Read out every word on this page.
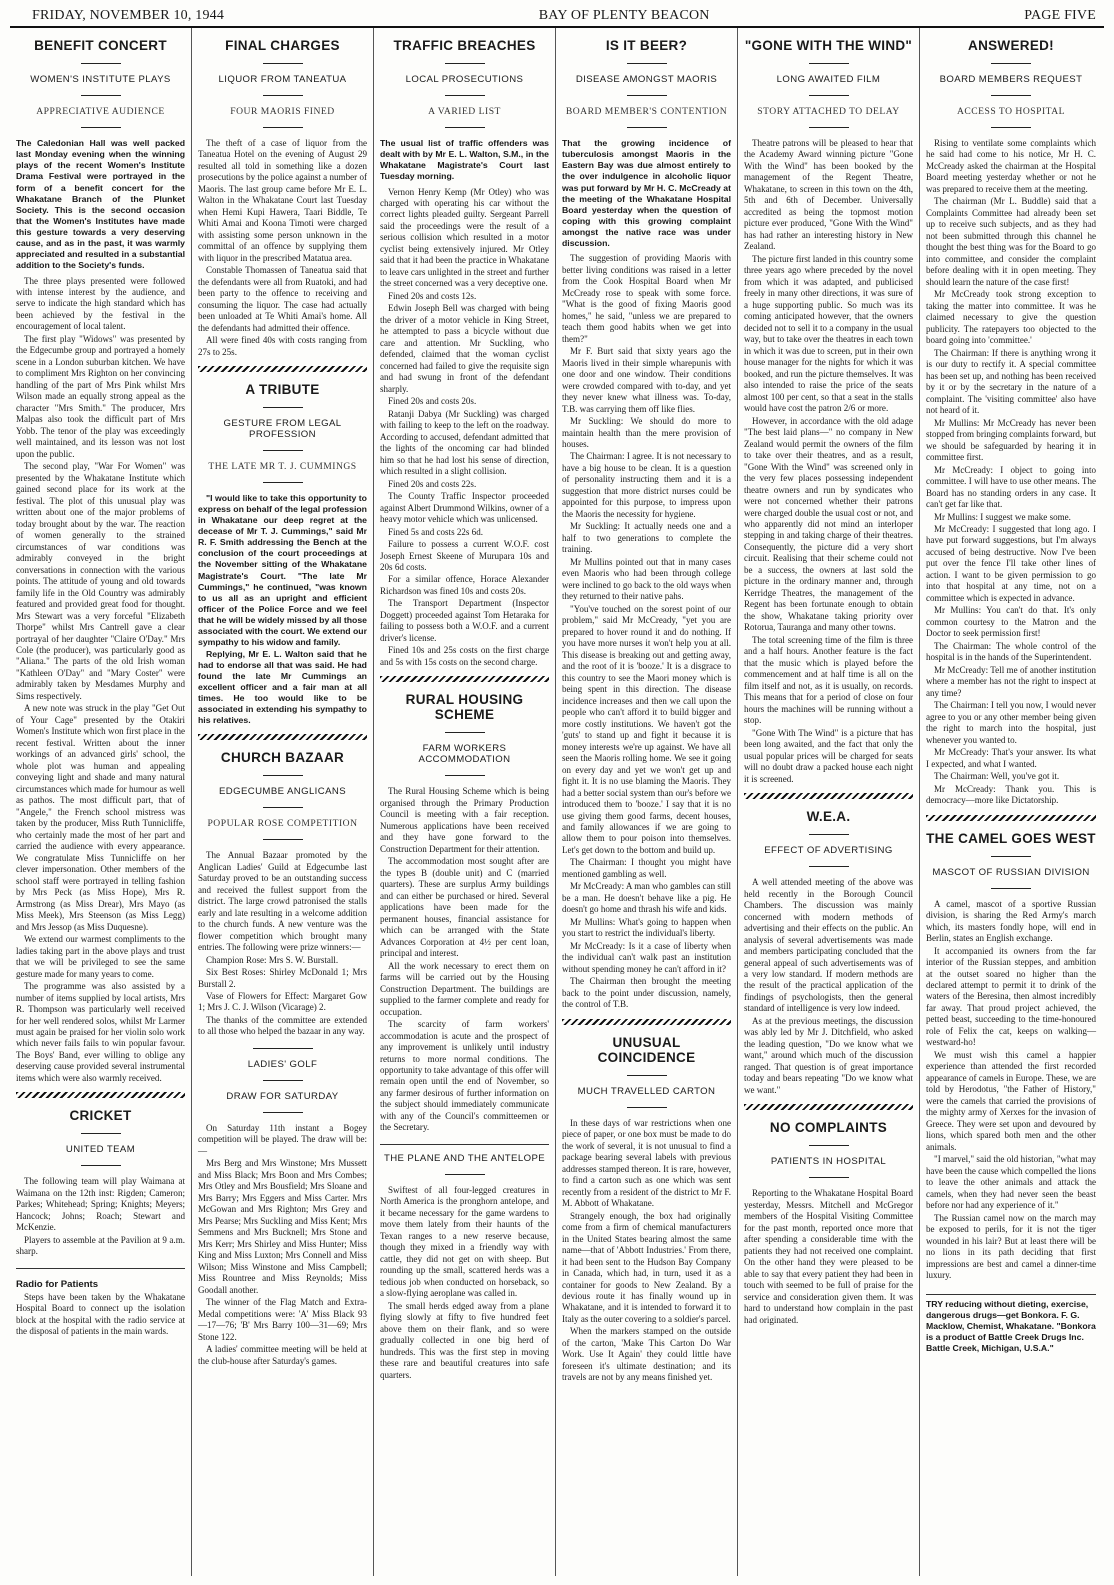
FRIDAY, NOVEMBER 10, 1944	BAY OF PLENTY BEACON	PAGE FIVE
BENEFIT CONCERT
WOMEN'S INSTITUTE PLAYS
APPRECIATIVE AUDIENCE
The Caledonian Hall was well packed last Monday evening when the winning plays of the recent Women's Institute Drama Festival were portrayed in the form of a benefit concert for the Whakatane Branch of the Plunket Society. This is the second occasion that the Women's Institutes have made this gesture towards a very deserving cause, and as in the past, it was warmly appreciated and resulted in a substantial addition to the Society's funds.

The three plays presented were followed with intense interest by the audience, and serve to indicate the high standard which has been achieved by the festival in the encouragement of local talent.

The first play "Widows" was presented by the Edgecumbe group and portrayed a homely scene in a London suburban kitchen. We have to compliment Mrs Righton on her convincing handling of the part of Mrs Pink whilst Mrs Wilson made an equally strong appeal as the character "Mrs Smith." The producer, Mrs Malpas also took the difficult part of Mrs Yobb. The tenor of the play was exceedingly well maintained, and its lesson was not lost upon the public.

The second play, "War For Women" was presented by the Whakatane Institute which gained second place for its work at the festival. The plot of this unusual play was written about one of the major problems of today brought about by the war. The reaction of women generally to the strained circumstances of war conditions was admirably conveyed in the bright conversations in connection with the various points. The attitude of young and old towards family life in the Old Country was admirably featured and provided great food for thought. Mrs Stewart was a very forceful "Elizabeth Thorpe" whilst Mrs Cantrell gave a clear portrayal of her daughter "Claire O'Day." Mrs Cole (the producer), was particularly good as "Aliana." The parts of the old Irish woman "Kathleen O'Day" and "Mary Coster" were admirably taken by Mesdames Murphy and Sims respectively.

A new note was struck in the play "Get Out of Your Cage" presented by the Otakiri Women's Institute which won first place in the recent festival. Written about the inner workings of an advanced girls' school, the whole plot was human and appealing conveying light and shade and many natural circumstances which made for humour as well as pathos. The most difficult part, that of "Angele," the French school mistress was taken by the producer, Miss Ruth Tunnicliffe, who certainly made the most of her part and carried the audience with every appearance. We congratulate Miss Tunnicliffe on her clever impersonation. Other members of the school staff were portrayed in telling fashion by Mrs Peck (as Miss Hope), Mrs R. Armstrong (as Miss Drear), Mrs Mayo (as Miss Meek), Mrs Steenson (as Miss Legg) and Mrs Jessop (as Miss Duquesne).

We extend our warmest compliments to the ladies taking part in the above plays and trust that we will be privileged to see the same gesture made for many years to come.

The programme was also assisted by a number of items supplied by local artists, Mrs R. Thompson was particularly well received for her well rendered solos, whilst Mr Larmer must again be praised for her violin solo work which never fails fails to win popular favour. The Boys' Band, ever willing to oblige any deserving cause provided several instrumental items which were also warmly received.

CRICKET
UNITED TEAM

The following team will play Waimana at Waimana on the 12th inst: Rigden; Cameron; Parkes; Whitehead; Spring; Knights; Meyers; Hancock; Johns; Roach; Stewart and McKenzie.

Players to assemble at the Pavilion at 9 a.m. sharp.

Radio for Patients

Steps have been taken by the Whakatane Hospital Board to connect up the isolation block at the hospital with the radio service at the disposal of patients in the main wards.

FINAL CHARGES
LIQUOR FROM TANEATUA
FOUR MAORIS FINED

The theft of a case of liquor from the Taneatua Hotel on the evening of August 29 resulted all told in something like a dozen prosecutions by the police against a number of Maoris. The last group came before Mr E. L. Walton in the Whakatane Court last Tuesday when Hemi Kupi Hawera, Taari Biddle, Te Whiti Amai and Koona Timoti were charged with assisting some person unknown in the committal of an offence by supplying them with liquor in the prescribed Matatua area.

Constable Thomassen of Taneatua said that the defendants were all from Ruatoki, and had been party to the offence to receiving and consuming the liquor. The case had actually been unloaded at Te Whiti Amai's home. All the defendants had admitted their offence.

All were fined 40s with costs ranging from 27s to 25s.

A TRIBUTE
GESTURE FROM LEGAL PROFESSION
THE LATE MR T. J. CUMMINGS

"I would like to take this opportunity to express on behalf of the legal profession in Whakatane our deep regret at the decease of Mr T. J. Cummings," said Mr R. F. Smith addressing the Bench at the conclusion of the court proceedings at the November sitting of the Whakatane Magistrate's Court. "The late Mr Cummings," he continued, "was known to us all as an upright and efficient officer of the Police Force and we feel that he will be widely missed by all those associated with the court. We extend our sympathy to his widow and family.

Replying, Mr E. L. Walton said that he had to endorse all that was said. He had found the late Mr Cummings an excellent officer and a fair man at all times. He too would like to be associated in extending his sympathy to his relatives.

CHURCH BAZAAR
EDGECUMBE ANGLICANS
POPULAR ROSE COMPETITION

The Annual Bazaar promoted by the Anglican Ladies' Guild at Edgecumbe last Saturday proved to be an outstanding success and received the fullest support from the district. The large crowd patronised the stalls early and late resulting in a welcome addition to the church funds. A new venture was the flower competition which brought many entries. The following were prize winners:—

Champion Rose: Mrs S. W. Burstall.

Six Best Roses: Shirley McDonald 1; Mrs Burstall 2.

Vase of Flowers for Effect: Margaret Gow 1; Mrs J. C. J. Wilson (Vicarage) 2.

The thanks of the committee are extended to all those who helped the bazaar in any way.

LADIES' GOLF
DRAW FOR SATURDAY

On Saturday 11th instant a Bogey competition will be played. The draw will be:—

Mrs Berg and Mrs Winstone; Mrs Mussett and Miss Black; Mrs Boon and Mrs Combes; Mrs Otley and Mrs Bousfield; Mrs Sloane and Mrs Barry; Mrs Eggers and Miss Carter. Mrs McGowan and Mrs Righton; Mrs Grey and Mrs Pearse; Mrs Suckling and Miss Kent; Mrs Semmens and Mrs Bucknell; Mrs Stone and Mrs Kerr; Mrs Shirley and Miss Hunter; Miss King and Miss Luxton; Mrs Connell and Miss Wilson; Miss Winstone and Miss Campbell; Miss Rountree and Miss Reynolds; Miss Goodall another.

The winner of the Flag Match and Extra-Medal competitions were: 'A' Miss Black 93—17—76; 'B' Mrs Barry 100—31—69; Mrs Stone 122.

A ladies' committee meeting will be held at the club-house after Saturday's games.

TRAFFIC BREACHES
LOCAL PROSECUTIONS
A VARIED LIST
The usual list of traffic offenders was dealt with by Mr E. L. Walton, S.M., in the Whakatane Magistrate's Court last Tuesday morning.

Vernon Henry Kemp (Mr Otley) who was charged with operating his car without the correct lights pleaded guilty. Sergeant Parrell said the proceedings were the result of a serious collision which resulted in a motor cyclist being extensively injured. Mr Otley said that it had been the practice in Whakatane to leave cars unlighted in the street and further the street concerned was a very deceptive one.

Fined 20s and costs 12s.

Edwin Joseph Bell was charged with being the driver of a motor vehicle in King Street, he attempted to pass a bicycle without due care and attention. Mr Suckling, who defended, claimed that the woman cyclist concerned had failed to give the requisite sign and had swung in front of the defendant sharply.

Fined 20s and costs 20s.

Ratanji Dabya (Mr Suckling) was charged with failing to keep to the left on the roadway. According to accused, defendant admitted that the lights of the oncoming car had blinded him so that he had lost his sense of direction, which resulted in a slight collision.

Fined 20s and costs 22s.

The County Traffic Inspector proceeded against Albert Drummond Wilkins, owner of a heavy motor vehicle which was unlicensed.

Fined 5s and costs 22s 6d.

Failure to possess a current W.O.F. cost Joseph Ernest Skeene of Murupara 10s and 20s 6d costs.

For a similar offence, Horace Alexander Richardson was fined 10s and costs 20s.

The Transport Department (Inspector Doggett) proceeded against Tom Hetaraka for failing to possess both a W.O.F. and a current driver's license.

Fined 10s and 25s costs on the first charge and 5s with 15s costs on the second charge.

RURAL HOUSING SCHEME
FARM WORKERS ACCOMMODATION

The Rural Housing Scheme which is being organised through the Primary Production Council is meeting with a fair reception. Numerous applications have been received and they have gone forward to the Construction Department for their attention.

The accommodation most sought after are the types B (double unit) and C (married quarters). These are surplus Army buildings and can either be purchased or hired. Several applications have been made for the permanent houses, financial assistance for which can be arranged with the State Advances Corporation at 4½ per cent loan, principal and interest.

All the work necessary to erect them on farms will be carried out by the Housing Construction Department. The buildings are supplied to the farmer complete and ready for occupation.

The scarcity of farm workers' accommodation is acute and the prospect of any improvement is unlikely until industry returns to more normal conditions. The opportunity to take advantage of this offer will remain open until the end of November, so any farmer desirous of further information on the subject should immediately communicate with any of the Council's committeemen or the Secretary.

THE PLANE AND THE ANTELOPE

Swiftest of all four-legged creatures in North America is the pronghorn antelope, and it became necessary for the game wardens to move them lately from their haunts of the Texan ranges to a new reserve because, though they mixed in a friendly way with cattle, they did not get on with sheep. But rounding up the small, scattered herds was a tedious job when conducted on horseback, so a slow-flying aeroplane was called in.

The small herds edged away from a plane flying slowly at fifty to five hundred feet above them on their flank, and so were gradually collected in one big herd of hundreds. This was the first step in moving these rare and beautiful creatures into safe quarters.

IS IT BEER?
DISEASE AMONGST MAORIS
BOARD MEMBER'S CONTENTION
That the growing incidence of tuberculosis amongst Maoris in the Eastern Bay was due almost entirely to the over indulgence in alcoholic liquor was put forward by Mr H. C. McCready at the meeting of the Whakatane Hospital Board yesterday when the question of coping with this growing complaint amongst the native race was under discussion.

The suggestion of providing Maoris with better living conditions was raised in a letter from the Cook Hospital Board when Mr McCready rose to speak with some force. "What is the good of fixing Maoris good homes," he said, "unless we are prepared to teach them good habits when we get into them?"

Mr F. Burt said that sixty years ago the Maoris lived in their simple wharepunis with one door and one window. Their conditions were crowded compared with to-day, and yet they never knew what illness was. To-day, T.B. was carrying them off like flies.

Mr Suckling: We should do more to maintain health than the mere provision of houses.

The Chairman: I agree. It is not necessary to have a big house to be clean. It is a question of personality instructing them and it is a suggestion that more district nurses could be appointed for this purpose, to impress upon the Maoris the necessity for hygiene.

Mr Suckling: It actually needs one and a half to two generations to complete the training.

Mr Mullins pointed out that in many cases even Maoris who had been through college were inclined to go back to the old ways when they returned to their native pahs.

"You've touched on the sorest point of our problem," said Mr McCready, "yet you are prepared to hover round it and do nothing. If you have more nurses it won't help you at all. This disease is breaking out and getting away, and the root of it is 'booze.' It is a disgrace to this country to see the Maori money which is being spent in this direction. The disease incidence increases and then we call upon the people who can't afford it to build bigger and more costly institutions. We haven't got the 'guts' to stand up and fight it because it is money interests we're up against. We have all seen the Maoris rolling home. We see it going on every day and yet we won't get up and fight it. It is no use blaming the Maoris. They had a better social system than our's before we introduced them to 'booze.' I say that it is no use giving them good farms, decent houses, and family allowances if we are going to allow them to pour poison into themselves. Let's get down to the bottom and build up.

The Chairman: I thought you might have mentioned gambling as well.

Mr McCready: A man who gambles can still be a man. He doesn't behave like a pig. He doesn't go home and thrash his wife and kids.

Mr Mullins: What's going to happen when you start to restrict the individual's liberty.

Mr McCready: Is it a case of liberty when the individual can't walk past an institution without spending money he can't afford in it?

The Chairman then brought the meeting back to the point under discussion, namely, the control of T.B.

UNUSUAL COINCIDENCE
MUCH TRAVELLED CARTON

In these days of war restrictions when one piece of paper, or one box must be made to do the work of several, it is not unusual to find a package bearing several labels with previous addresses stamped thereon. It is rare, however, to find a carton such as one which was sent recently from a resident of the district to Mr F. M. Abbott of Whakatane.

Strangely enough, the box had originally come from a firm of chemical manufacturers in the United States bearing almost the same name—that of 'Abbott Industries.' From there, it had been sent to the Hudson Bay Company in Canada, which had, in turn, used it as a container for goods to New Zealand. By a devious route it has finally wound up in Whakatane, and it is intended to forward it to Italy as the outer covering to a soldier's parcel.

When the markers stamped on the outside of the carton, 'Make This Carton Do War Work. Use It Again' they could little have foreseen it's ultimate destination; and its travels are not by any means finished yet.

"GONE WITH THE WIND"
LONG AWAITED FILM
STORY ATTACHED TO DELAY

Theatre patrons will be pleased to hear that the Academy Award winning picture "Gone With the Wind" has been booked by the management of the Regent Theatre, Whakatane, to screen in this town on the 4th, 5th and 6th of December. Universally accredited as being the topmost motion picture ever produced, "Gone With the Wind" has had rather an interesting history in New Zealand.

The picture first landed in this country some three years ago where preceded by the novel from which it was adapted, and publicised freely in many other directions, it was sure of a huge supporting public. So much was its coming anticipated however, that the owners decided not to sell it to a company in the usual way, but to take over the theatres in each town in which it was due to screen, put in their own house manager for the nights for which it was booked, and run the picture themselves. It was also intended to raise the price of the seats almost 100 per cent, so that a seat in the stalls would have cost the patron 2/6 or more.

However, in accordance with the old adage "The best laid plans—" no company in New Zealand would permit the owners of the film to take over their theatres, and as a result, "Gone With the Wind" was screened only in the very few places possessing independent theatre owners and run by syndicates who were not concerned whether their patrons were charged double the usual cost or not, and who apparently did not mind an interloper stepping in and taking charge of their theatres. Consequently, the picture did a very short circuit. Realising that their scheme could not be a success, the owners at last sold the picture in the ordinary manner and, through Kerridge Theatres, the management of the Regent has been fortunate enough to obtain the show, Whakatane taking priority over Rotorua, Tauranga and many other towns.

The total screening time of the film is three and a half hours. Another feature is the fact that the music which is played before the commencement and at half time is all on the film itself and not, as it is usually, on records. This means that for a period of close on four hours the machines will be running without a stop.

"Gone With The Wind" is a picture that has been long awaited, and the fact that only the usual popular prices will be charged for seats will no doubt draw a packed house each night it is screened.

W.E.A.
EFFECT OF ADVERTISING

A well attended meeting of the above was held recently in the Borough Council Chambers. The discussion was mainly concerned with modern methods of advertising and their effects on the public. An analysis of several advertisements was made and members participating concluded that the general appeal of such advertisements was of a very low standard. If modern methods are the result of the practical application of the findings of psychologists, then the general standard of intelligence is very low indeed.

As at the previous meetings, the discussion was ably led by Mr J. Ditchfield, who asked the leading question, "Do we know what we want," around which much of the discussion ranged. That question is of great importance today and bears repeating "Do we know what we want."

NO COMPLAINTS
PATIENTS IN HOSPITAL

Reporting to the Whakatane Hospital Board yesterday, Messrs. Mitchell and McGregor members of the Hospital Visiting Committee for the past month, reported once more that after spending a considerable time with the patients they had not received one complaint. On the other hand they were pleased to be able to say that every patient they had been in touch with seemed to be full of praise for the service and consideration given them. It was hard to understand how complain in the past had originated.

ANSWERED!
BOARD MEMBERS REQUEST
ACCESS TO HOSPITAL

Rising to ventilate some complaints which he said had come to his notice, Mr H. C. McCready asked the chairman at the Hospital Board meeting yesterday whether or not he was prepared to receive them at the meeting.

The chairman (Mr L. Buddle) said that a Complaints Committee had already been set up to receive such subjects, and as they had not been submitted through this channel he thought the best thing was for the Board to go into committee, and consider the complaint before dealing with it in open meeting. They should learn the nature of the case first!

Mr McCready took strong exception to taking the matter into committee. It was he claimed necessary to give the question publicity. The ratepayers too objected to the board going into 'committee.'

The Chairman: If there is anything wrong it is our duty to rectify it. A special committee has been set up, and nothing has been received by it or by the secretary in the nature of a complaint. The 'visiting committee' also have not heard of it.

Mr Mullins: Mr McCready has never been stopped from bringing complaints forward, but we should be safeguarded by hearing it in committee first.

Mr McCready: I object to going into committee. I will have to use other means. The Board has no standing orders in any case. It can't get far like that.

Mr Mullins: I suggest we make some.

Mr McCready: I suggested that long ago. I have put forward suggestions, but I'm always accused of being destructive. Now I've been put over the fence I'll take other lines of action. I want to be given permission to go into that hospital at any time, not on a committee which is expected in advance.

Mr Mullins: You can't do that. It's only common courtesy to the Matron and the Doctor to seek permission first!

The Chairman: The whole control of the hospital is in the hands of the Superintendent.

Mr McCready: Tell me of another institution where a member has not the right to inspect at any time?

The Chairman: I tell you now, I would never agree to you or any other member being given the right to march into the hospital, just whenever you wanted to.

Mr McCready: That's your answer. Its what I expected, and what I wanted.

The Chairman: Well, you've got it.

Mr McCready: Thank you. This is democracy—more like Dictatorship.

THE CAMEL GOES WEST
MASCOT OF RUSSIAN DIVISION

A camel, mascot of a sportive Russian division, is sharing the Red Army's march which, its masters fondly hope, will end in Berlin, states an English exchange.

It accompanied its owners from the far interior of the Russian steppes, and ambition at the outset soared no higher than the declared attempt to permit it to drink of the waters of the Beresina, then almost incredibly far away. That proud project achieved, the petted beast, succeeding to the time-honoured role of Felix the cat, keeps on walking—westward-ho!

We must wish this camel a happier experience than attended the first recorded appearance of camels in Europe. These, we are told by Herodotus, "the Father of History," were the camels that carried the provisions of the mighty army of Xerxes for the invasion of Greece. They were set upon and devoured by lions, which spared both men and the other animals.

"I marvel," said the old historian, "what may have been the cause which compelled the lions to leave the other animals and attack the camels, when they had never seen the beast before nor had any experience of it."

The Russian camel now on the march may be exposed to perils, for it is not the tiger wounded in his lair? But at least there will be no lions in its path deciding that first impressions are best and camel a dinner-time luxury.

TRY reducing without dieting, exercise, dangerous drugs—get Bonkora. F. G. Macklow, Chemist, Whakatane. "Bonkora is a product of Battle Creek Drugs Inc. Battle Creek, Michigan, U.S.A."
